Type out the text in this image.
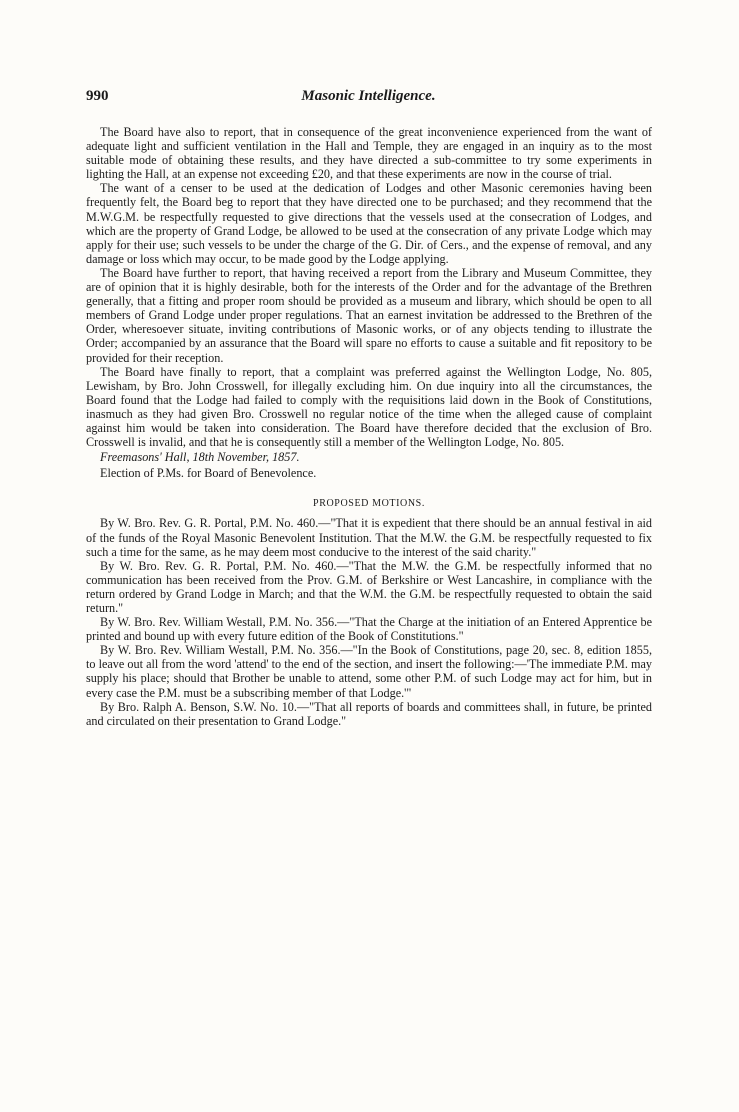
990	Masonic Intelligence.

The Board have also to report, that in consequence of the great inconvenience experienced from the want of adequate light and sufficient ventilation in the Hall and Temple, they are engaged in an inquiry as to the most suitable mode of obtaining these results, and they have directed a sub-committee to try some experiments in lighting the Hall, at an expense not exceeding £20, and that these experiments are now in the course of trial.

The want of a censer to be used at the dedication of Lodges and other Masonic ceremonies having been frequently felt, the Board beg to report that they have directed one to be purchased; and they recommend that the M.W.G.M. be respectfully requested to give directions that the vessels used at the consecration of Lodges, and which are the property of Grand Lodge, be allowed to be used at the consecration of any private Lodge which may apply for their use; such vessels to be under the charge of the G. Dir. of Cers., and the expense of removal, and any damage or loss which may occur, to be made good by the Lodge applying.

The Board have further to report, that having received a report from the Library and Museum Committee, they are of opinion that it is highly desirable, both for the interests of the Order and for the advantage of the Brethren generally, that a fitting and proper room should be provided as a museum and library, which should be open to all members of Grand Lodge under proper regulations. That an earnest invitation be addressed to the Brethren of the Order, wheresoever situate, inviting contributions of Masonic works, or of any objects tending to illustrate the Order; accompanied by an assurance that the Board will spare no efforts to cause a suitable and fit repository to be provided for their reception.

The Board have finally to report, that a complaint was preferred against the Wellington Lodge, No. 805, Lewisham, by Bro. John Crosswell, for illegally excluding him. On due inquiry into all the circumstances, the Board found that the Lodge had failed to comply with the requisitions laid down in the Book of Constitutions, inasmuch as they had given Bro. Crosswell no regular notice of the time when the alleged cause of complaint against him would be taken into consideration. The Board have therefore decided that the exclusion of Bro. Crosswell is invalid, and that he is consequently still a member of the Wellington Lodge, No. 805.

Freemasons' Hall, 18th November, 1857.

Election of P.Ms. for Board of Benevolence.

PROPOSED MOTIONS.

By W. Bro. Rev. G. R. Portal, P.M. No. 460.—"That it is expedient that there should be an annual festival in aid of the funds of the Royal Masonic Benevolent Institution. That the M.W. the G.M. be respectfully requested to fix such a time for the same, as he may deem most conducive to the interest of the said charity."

By W. Bro. Rev. G. R. Portal, P.M. No. 460.—"That the M.W. the G.M. be respectfully informed that no communication has been received from the Prov. G.M. of Berkshire or West Lancashire, in compliance with the return ordered by Grand Lodge in March; and that the W.M. the G.M. be respectfully requested to obtain the said return."

By W. Bro. Rev. William Westall, P.M. No. 356.—"That the Charge at the initiation of an Entered Apprentice be printed and bound up with every future edition of the Book of Constitutions."

By W. Bro. Rev. William Westall, P.M. No. 356.—"In the Book of Constitutions, page 20, sec. 8, edition 1855, to leave out all from the word 'attend' to the end of the section, and insert the following:—'The immediate P.M. may supply his place; should that Brother be unable to attend, some other P.M. of such Lodge may act for him, but in every case the P.M. must be a subscribing member of that Lodge.'"

By Bro. Ralph A. Benson, S.W. No. 10.—"That all reports of boards and committees shall, in future, be printed and circulated on their presentation to Grand Lodge."
